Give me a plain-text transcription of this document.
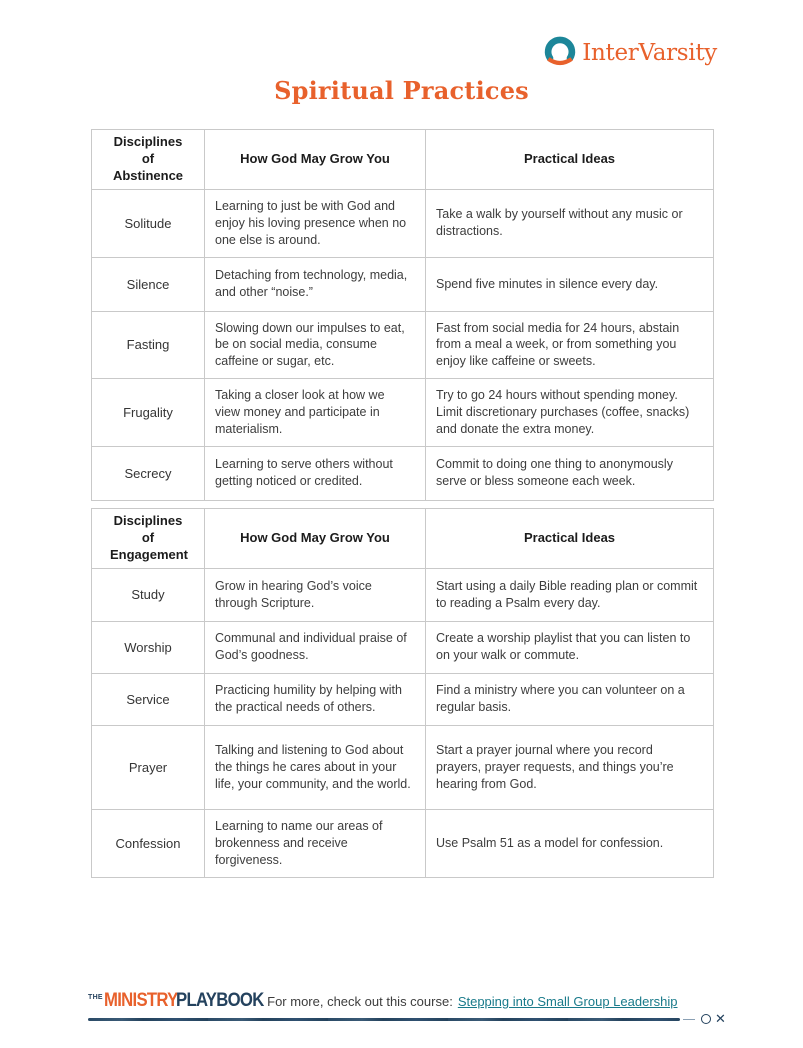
InterVarsity
Spiritual Practices
Disciplines of Abstinence	How God May Grow You	Practical Ideas
Solitude	Learning to just be with God and enjoy his loving presence when no one else is around.	Take a walk by yourself without any music or distractions.
Silence	Detaching from technology, media, and other “noise.”	Spend five minutes in silence every day.
Fasting	Slowing down our impulses to eat, be on social media, consume caffeine or sugar, etc.	Fast from social media for 24 hours, abstain from a meal a week, or from something you enjoy like caffeine or sweets.
Frugality	Taking a closer look at how we view money and participate in materialism.	Try to go 24 hours without spending money. Limit discretionary purchases (coffee, snacks) and donate the extra money.
Secrecy	Learning to serve others without getting noticed or credited.	Commit to doing one thing to anonymously serve or bless someone each week.
Disciplines of Engagement	How God May Grow You	Practical Ideas
Study	Grow in hearing God’s voice through Scripture.	Start using a daily Bible reading plan or commit to reading a Psalm every day.
Worship	Communal and individual praise of God’s goodness.	Create a worship playlist that you can listen to on your walk or commute.
Service	Practicing humility by helping with the practical needs of others.	Find a ministry where you can volunteer on a regular basis.
Prayer	Talking and listening to God about the things he cares about in your life, your community, and the world.	Start a prayer journal where you record prayers, prayer requests, and things you’re hearing from God.
Confession	Learning to name our areas of brokenness and receive forgiveness.	Use Psalm 51 as a model for confession.
THE MINISTRY
PLAYBOOK For more, check out this course: Stepping into Small Group Leadership
✕
